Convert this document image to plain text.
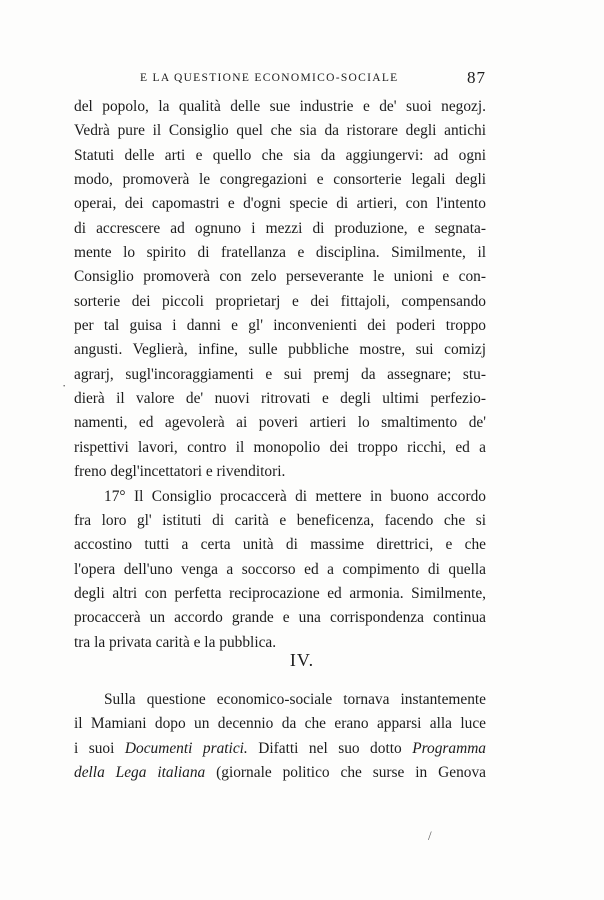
E LA QUESTIONE ECONOMICO-SOCIALE	87
del popolo, la qualità delle sue industrie e de' suoi negozj.
Vedrà pure il Consiglio quel che sia da ristorare degli antichi
Statuti delle arti e quello che sia da aggiungervi: ad ogni
modo, promoverà le congregazioni e consorterie legali degli
operai, dei capomastri e d'ogni specie di artieri, con l'intento
di accrescere ad ognuno i mezzi di produzione, e segnata-
mente lo spirito di fratellanza e disciplina. Similmente, il
Consiglio promoverà con zelo perseverante le unioni e con-
sorterie dei piccoli proprietarj e dei fittajoli, compensando
per tal guisa i danni e gl' inconvenienti dei poderi troppo
angusti. Veglierà, infine, sulle pubbliche mostre, sui comizj
agrarj, sugl'incoraggiamenti e sui premj da assegnare; stu-
dierà il valore de' nuovi ritrovati e degli ultimi perfezio-
namenti, ed agevolerà ai poveri artieri lo smaltimento de'
rispettivi lavori, contro il monopolio dei troppo ricchi, ed a
freno degl'incettatori e rivenditori.
17° Il Consiglio procaccerà di mettere in buono accordo
fra loro gl' istituti di carità e beneficenza, facendo che si
accostino tutti a certa unità di massime direttrici, e che
l'opera dell'uno venga a soccorso ed a compimento di quella
degli altri con perfetta reciprocazione ed armonia. Similmente,
procaccerà un accordo grande e una corrispondenza continua
tra la privata carità e la pubblica.
IV.
Sulla questione economico-sociale tornava instantemente
il Mamiani dopo un decennio da che erano apparsi alla luce
i suoi Documenti pratici. Difatti nel suo dotto Programma
della Lega italiana (giornale politico che surse in Genova
·
/
